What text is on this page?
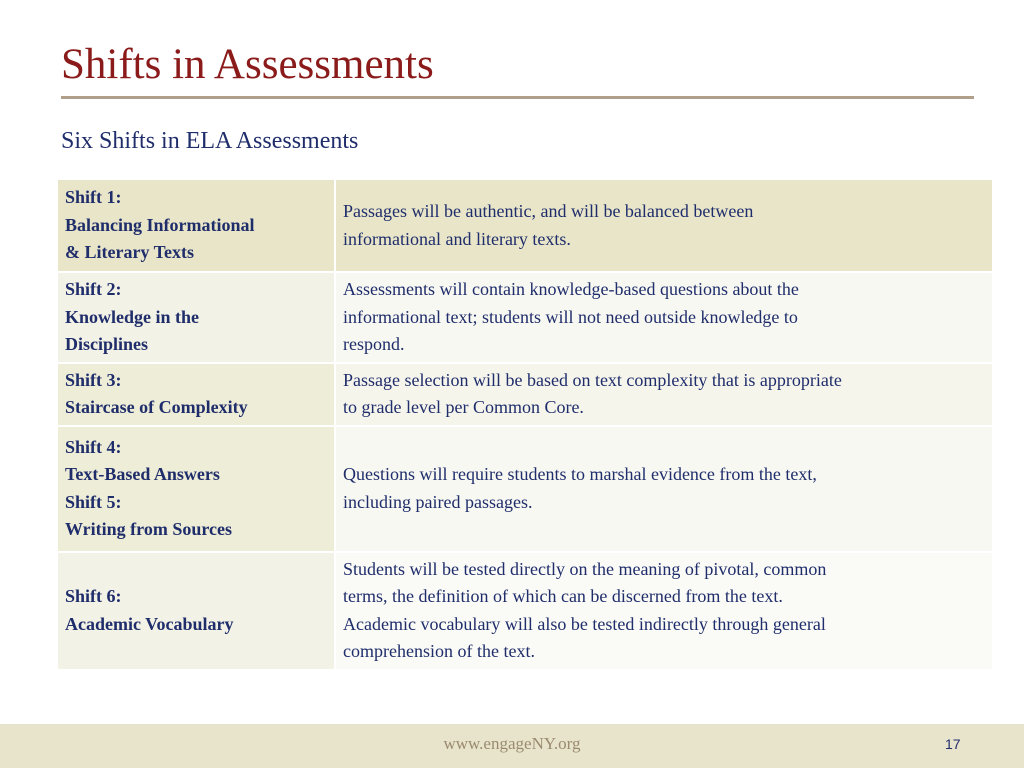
Shifts in Assessments
Six Shifts in ELA Assessments
Shift 1:
Balancing Informational
& Literary Texts	Passages will be authentic, and will be balanced between
informational and literary texts.

Shift 2:
Knowledge in the
Disciplines	Assessments will contain knowledge-based questions about the
informational text; students will not need outside knowledge to
respond.

Shift 3:
Staircase of Complexity	Passage selection will be based on text complexity that is appropriate
to grade level per Common Core.

Shift 4:
Text-Based Answers
Shift 5:
Writing from Sources	Questions will require students to marshal evidence from the text,
including paired passages.

Shift 6:
Academic Vocabulary	Students will be tested directly on the meaning of pivotal, common
terms, the definition of which can be discerned from the text.
Academic vocabulary will also be tested indirectly through general
comprehension of the text.
www.engageNY.org	17
